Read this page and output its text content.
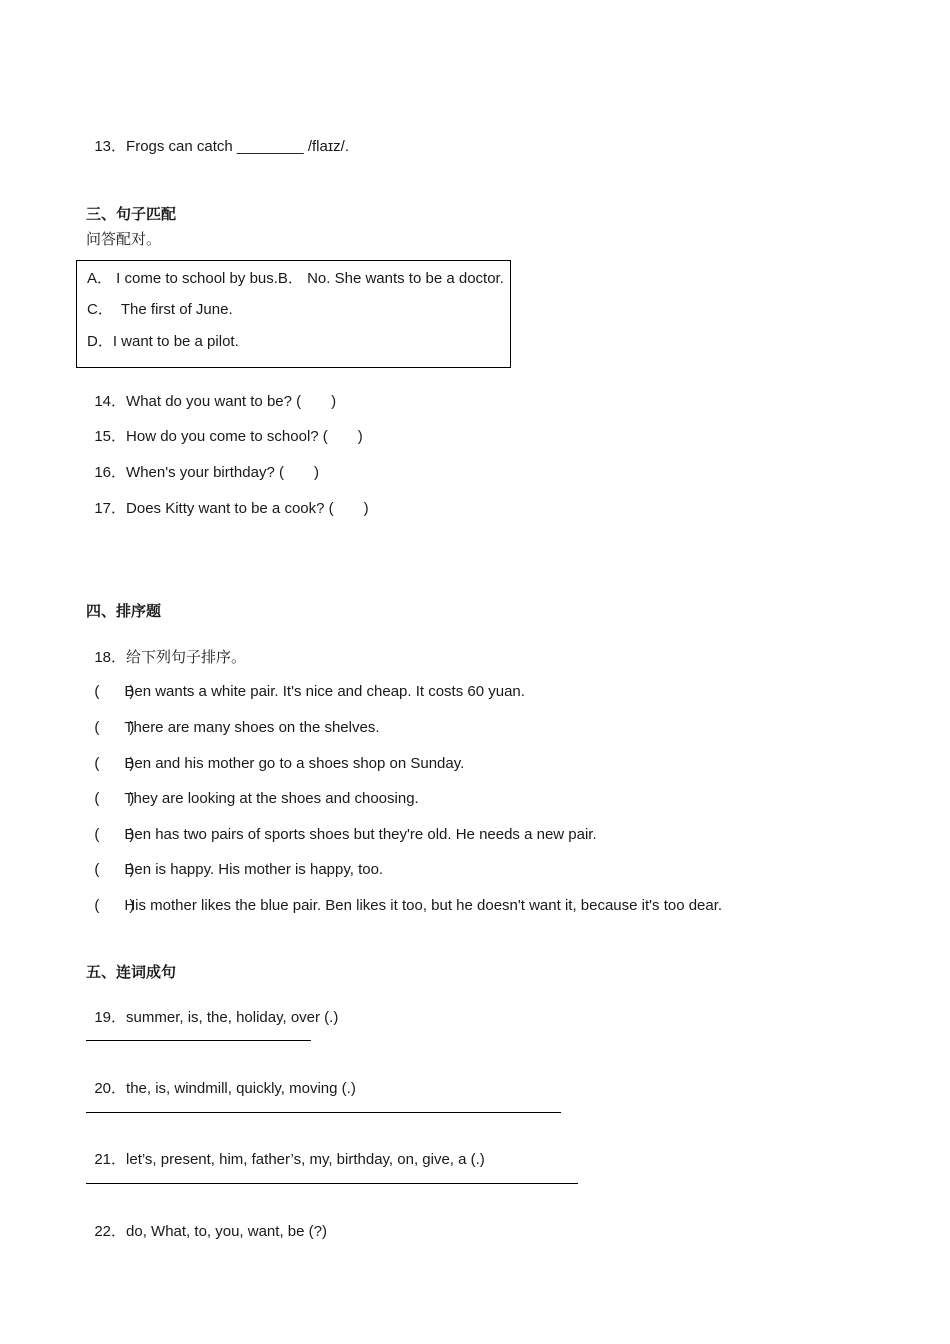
13．Frogs can catch ________ /flaɪz/.

三、句子匹配
问答配对。
A． I come to school by bus.B． No. She wants to be a doctor.
C．  The first of June.
D．I want to be a pilot.

14．What do you want to be? (　　)

15．How do you come to school? (　　)

16．When's your birthday? (　　)

17．Does Kitty want to be a cook? (　　)

四、排序题

18．给下列句子排序。

(　　)Ben wants a white pair. It's nice and cheap. It costs 60 yuan.

(　　)There are many shoes on the shelves.

(　　)Ben and his mother go to a shoes shop on Sunday.

(　　)They are looking at the shoes and choosing.

(　　)Ben has two pairs of sports shoes but they're old. He needs a new pair.

(　　)Ben is happy. His mother is happy, too.

(　　)His mother likes the blue pair. Ben likes it too, but he doesn't want it, because it's too dear.

五、连词成句

19．summer, is, the, holiday, over (.)

20．the, is, windmill, quickly, moving (.)

21．let’s, present, him, father’s, my, birthday, on, give, a (.)

22．do, What, to, you, want, be (?)
